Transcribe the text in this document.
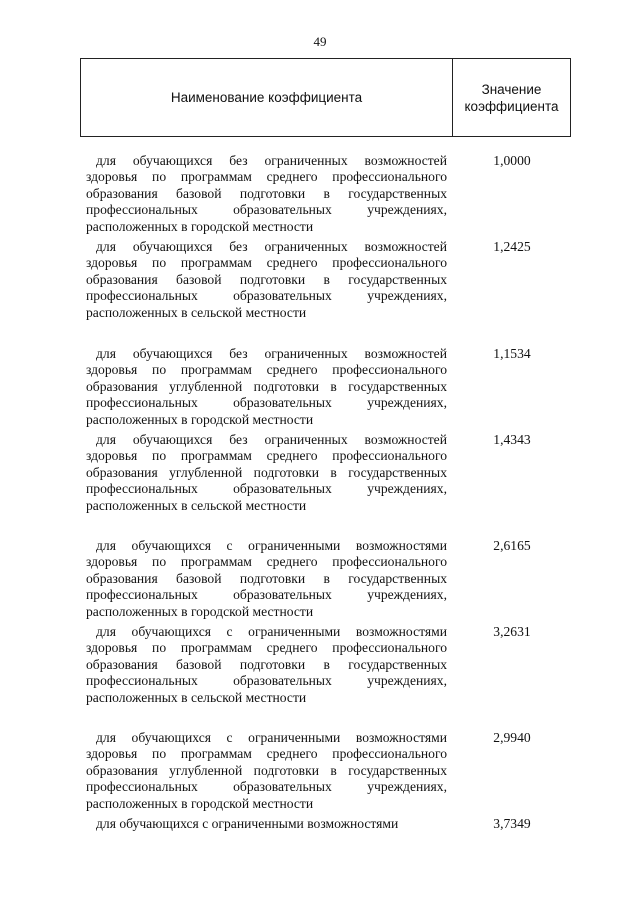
49
Наименование коэффициента
Значение
коэффициента
для обучающихся без ограниченных возможностей здоровья по программам среднего профессионального образования базовой подготовки в государственных профессиональных образовательных учреждениях, расположенных в городской местности
1,0000
для обучающихся без ограниченных возможностей здоровья по программам среднего профессионального образования базовой подготовки в государственных профессиональных образовательных учреждениях, расположенных в сельской местности
1,2425
для обучающихся без ограниченных возможностей здоровья по программам среднего профессионального образования углубленной подготовки в государственных профессиональных образовательных учреждениях, расположенных в городской местности
1,1534
для обучающихся без ограниченных возможностей здоровья по программам среднего профессионального образования углубленной подготовки в государственных профессиональных образовательных учреждениях, расположенных в сельской местности
1,4343
для обучающихся с ограниченными возможностями здоровья по программам среднего профессионального образования базовой подготовки в государственных профессиональных образовательных учреждениях, расположенных в городской местности
2,6165
для обучающихся с ограниченными возможностями здоровья по программам среднего профессионального образования базовой подготовки в государственных профессиональных образовательных учреждениях, расположенных в сельской местности
3,2631
для обучающихся с ограниченными возможностями здоровья по программам среднего профессионального образования углубленной подготовки в государственных профессиональных образовательных учреждениях, расположенных в городской местности
2,9940
для обучающихся с ограниченными возможностями	3,7349
